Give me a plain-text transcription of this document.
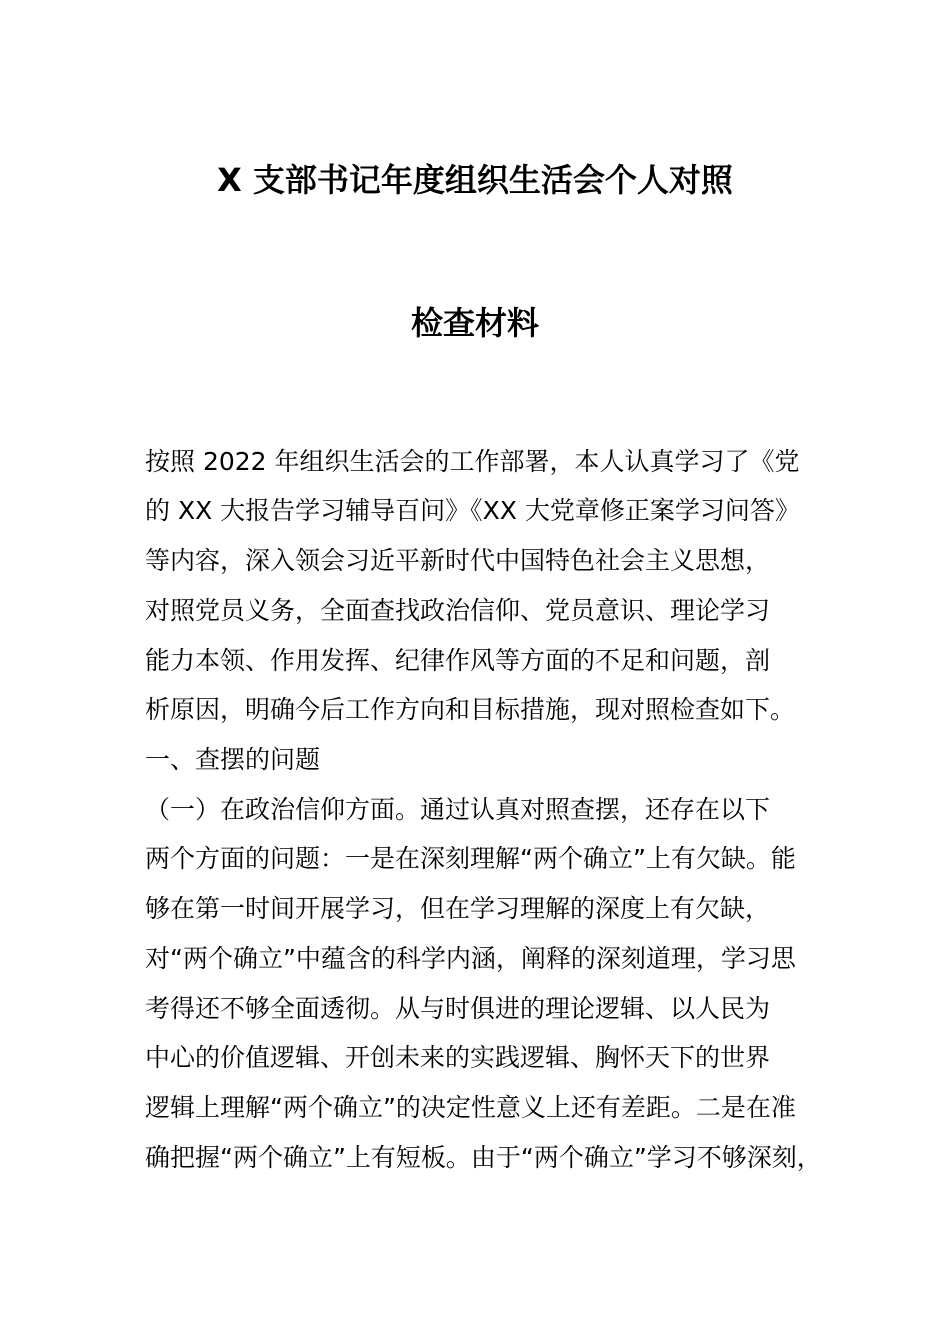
X 支部书记年度组织生活会个人对照
检查材料
按照 2022 年组织生活会的工作部署，本人认真学习了《党
的 XX 大报告学习辅导百问》《XX 大党章修正案学习问答》
等内容，深入领会习近平新时代中国特色社会主义思想，
对照党员义务，全面查找政治信仰、党员意识、理论学习
能力本领、作用发挥、纪律作风等方面的不足和问题，剖
析原因，明确今后工作方向和目标措施，现对照检查如下。
一、查摆的问题
（一）在政治信仰方面。通过认真对照查摆，还存在以下
两个方面的问题：一是在深刻理解“两个确立”上有欠缺。能
够在第一时间开展学习，但在学习理解的深度上有欠缺，
对“两个确立”中蕴含的科学内涵，阐释的深刻道理，学习思
考得还不够全面透彻。从与时俱进的理论逻辑、以人民为
中心的价值逻辑、开创未来的实践逻辑、胸怀天下的世界
逻辑上理解“两个确立”的决定性意义上还有差距。二是在准
确把握“两个确立”上有短板。由于“两个确立”学习不够深刻，
